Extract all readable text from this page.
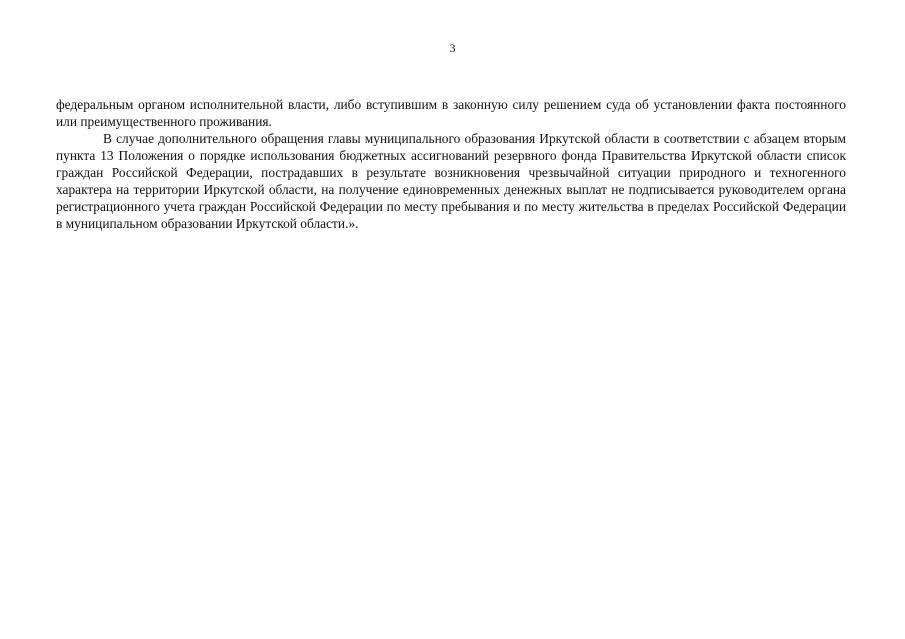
3

федеральным органом исполнительной власти, либо вступившим в законную силу решением суда об установлении факта постоянного или преимущественного проживания.

В случае дополнительного обращения главы муниципального образования Иркутской области в соответствии с абзацем вторым пункта 13 Положения о порядке использования бюджетных ассигнований резервного фонда Правительства Иркутской области список граждан Российской Федерации, пострадавших в результате возникновения чрезвычайной ситуации природного и техногенного характера на территории Иркутской области, на получение единовременных денежных выплат не подписывается руководителем органа регистрационного учета граждан Российской Федерации по месту пребывания и по месту жительства в пределах Российской Федерации в муниципальном образовании Иркутской области.».
